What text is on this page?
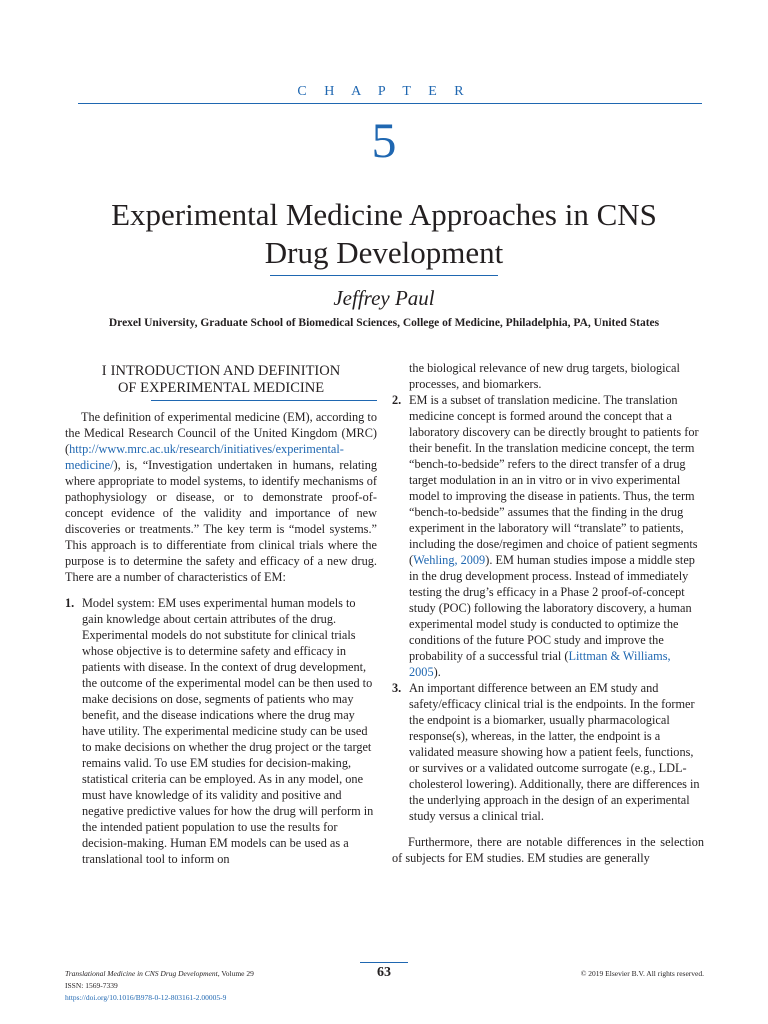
C H A P T E R
5
Experimental Medicine Approaches in CNS
Drug Development
Jeffrey Paul
Drexel University, Graduate School of Biomedical Sciences, College of Medicine, Philadelphia, PA, United States
I INTRODUCTION AND DEFINITION
OF EXPERIMENTAL MEDICINE

The definition of experimental medicine (EM), according to the Medical Research Council of the United Kingdom (MRC) (http://www.mrc.ac.uk/research/initiatives/experimental-medicine/), is, “Investigation undertaken in humans, relating where appropriate to model systems, to identify mechanisms of pathophysiology or disease, or to demonstrate proof-of-concept evidence of the validity and importance of new discoveries or treatments.” The key term is “model systems.” This approach is to differentiate from clinical trials where the purpose is to determine the safety and efficacy of a new drug. There are a number of characteristics of EM:

1. Model system: EM uses experimental human models to gain knowledge about certain attributes of the drug. Experimental models do not substitute for clinical trials whose objective is to determine safety and efficacy in patients with disease. In the context of drug development, the outcome of the experimental model can be then used to make decisions on dose, segments of patients who may benefit, and the disease indications where the drug may have utility. The experimental medicine study can be used to make decisions on whether the drug project or the target remains valid. To use EM studies for decision-making, statistical criteria can be employed. As in any model, one must have knowledge of its validity and positive and negative predictive values for how the drug will perform in the intended patient population to use the results for decision-making. Human EM models can be used as a translational tool to inform on
the biological relevance of new drug targets, biological processes, and biomarkers.
2. EM is a subset of translation medicine. The translation medicine concept is formed around the concept that a laboratory discovery can be directly brought to patients for their benefit. In the translation medicine concept, the term “bench-to-bedside” refers to the direct transfer of a drug target modulation in an in vitro or in vivo experimental model to improving the disease in patients. Thus, the term “bench-to-bedside” assumes that the finding in the drug experiment in the laboratory will “translate” to patients, including the dose/regimen and choice of patient segments (Wehling, 2009). EM human studies impose a middle step in the drug development process. Instead of immediately testing the drug’s efficacy in a Phase 2 proof-of-concept study (POC) following the laboratory discovery, a human experimental model study is conducted to optimize the conditions of the future POC study and improve the probability of a successful trial (Littman & Williams, 2005).
3. An important difference between an EM study and safety/efficacy clinical trial is the endpoints. In the former the endpoint is a biomarker, usually pharmacological response(s), whereas, in the latter, the endpoint is a validated measure showing how a patient feels, functions, or survives or a validated outcome surrogate (e.g., LDL-cholesterol lowering). Additionally, there are differences in the underlying approach in the design of an experimental study versus a clinical trial.

Furthermore, there are notable differences in the selection of subjects for EM studies. EM studies are generally

63
Translational Medicine in CNS Drug Development, Volume 29
ISSN: 1569-7339
https://doi.org/10.1016/B978-0-12-803161-2.00005-9
© 2019 Elsevier B.V. All rights reserved.
